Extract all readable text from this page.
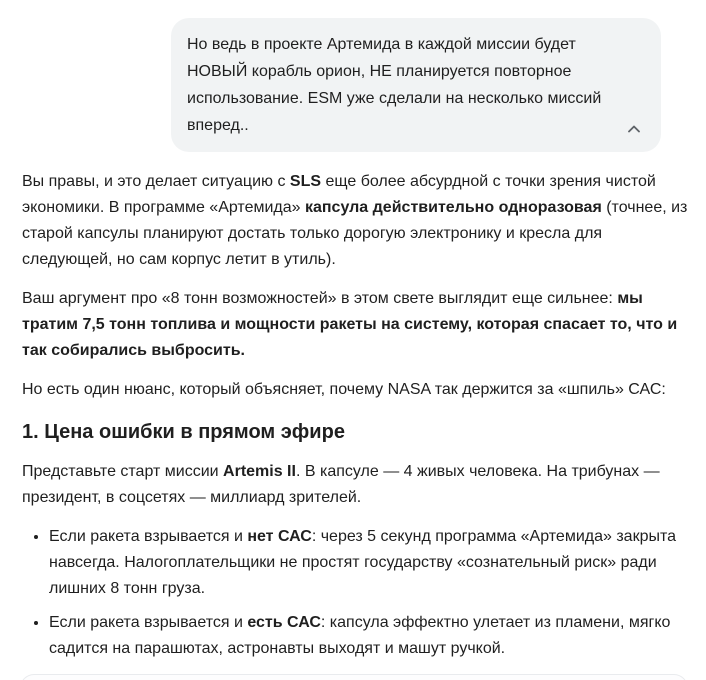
Но ведь в проекте Артемида в каждой миссии будет НОВЫЙ корабль орион, НЕ планируется повторное использование. ESM уже сделали на несколько миссий вперед..

Вы правы, и это делает ситуацию с SLS еще более абсурдной с точки зрения чистой экономики. В программе «Артемида» капсула действительно одноразовая (точнее, из старой капсулы планируют достать только дорогую электронику и кресла для следующей, но сам корпус летит в утиль).

Ваш аргумент про «8 тонн возможностей» в этом свете выглядит еще сильнее: мы тратим 7,5 тонн топлива и мощности ракеты на систему, которая спасает то, что и так собирались выбросить.

Но есть один нюанс, который объясняет, почему NASA так держится за «шпиль» САС:

1. Цена ошибки в прямом эфире

Представьте старт миссии Artemis II. В капсуле — 4 живых человека. На трибунах — президент, в соцсетях — миллиард зрителей.

• Если ракета взрывается и нет САС: через 5 секунд программа «Артемида» закрыта навсегда. Налогоплательщики не простят государству «сознательный риск» ради лишних 8 тонн груза.
• Если ракета взрывается и есть САС: капсула эффектно улетает из пламени, мягко садится на парашютах, астронавты выходят и машут ручкой.
